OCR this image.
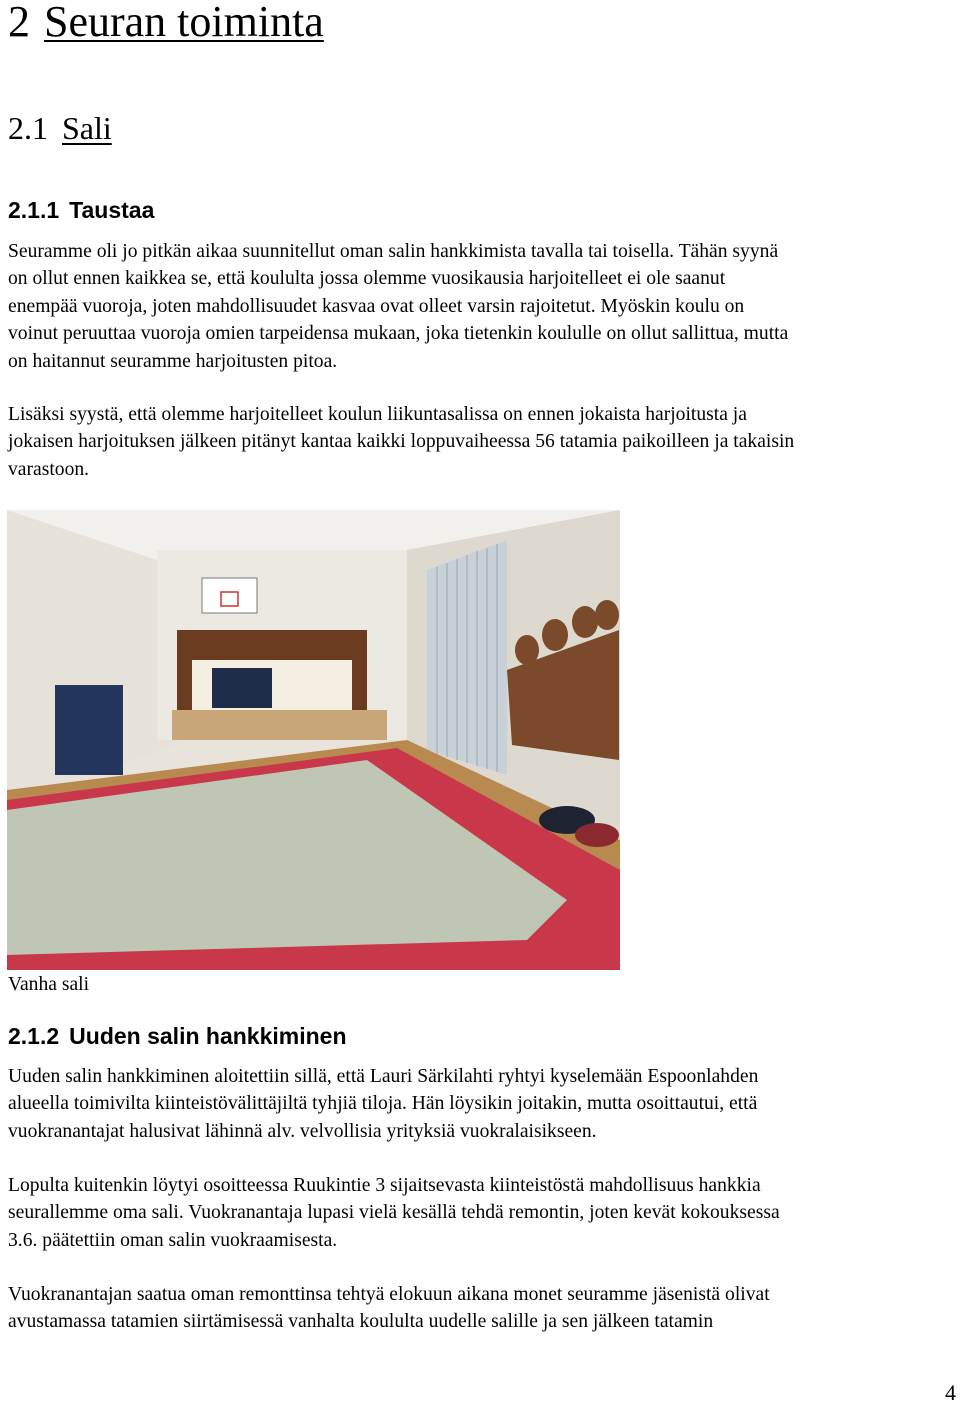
2 Seuran toiminta
2.1 Sali
2.1.1 Taustaa

Seuramme oli jo pitkän aikaa suunnitellut oman salin hankkimista tavalla tai toisella. Tähän syynä
on ollut ennen kaikkea se, että koululta jossa olemme vuosikausia harjoitelleet ei ole saanut
enempää vuoroja, joten mahdollisuudet kasvaa ovat olleet varsin rajoitetut. Myöskin koulu on
voinut peruuttaa vuoroja omien tarpeidensa mukaan, joka tietenkin koululle on ollut sallittua, mutta
on haitannut seuramme harjoitusten pitoa.

Lisäksi syystä, että olemme harjoitelleet koulun liikuntasalissa on ennen jokaista harjoitusta ja
jokaisen harjoituksen jälkeen pitänyt kantaa kaikki loppuvaiheessa 56 tatamia paikoilleen ja takaisin
varastoon.

Vanha sali

2.1.2 Uuden salin hankkiminen

Uuden salin hankkiminen aloitettiin sillä, että Lauri Särkilahti ryhtyi kyselemään Espoonlahden
alueella toimivilta kiinteistövälittäjiltä tyhjiä tiloja. Hän löysikin joitakin, mutta osoittautui, että
vuokranantajat halusivat lähinnä alv. velvollisia yrityksiä vuokralaisikseen.

Lopulta kuitenkin löytyi osoitteessa Ruukintie 3 sijaitsevasta kiinteistöstä mahdollisuus hankkia
seurallemme oma sali. Vuokranantaja lupasi vielä kesällä tehdä remontin, joten kevät kokouksessa
3.6. päätettiin oman salin vuokraamisesta.

Vuokranantajan saatua oman remonttinsa tehtyä elokuun aikana monet seuramme jäsenistä olivat
avustamassa tatamien siirtämisessä vanhalta koululta uudelle salille ja sen jälkeen tatamin

4
